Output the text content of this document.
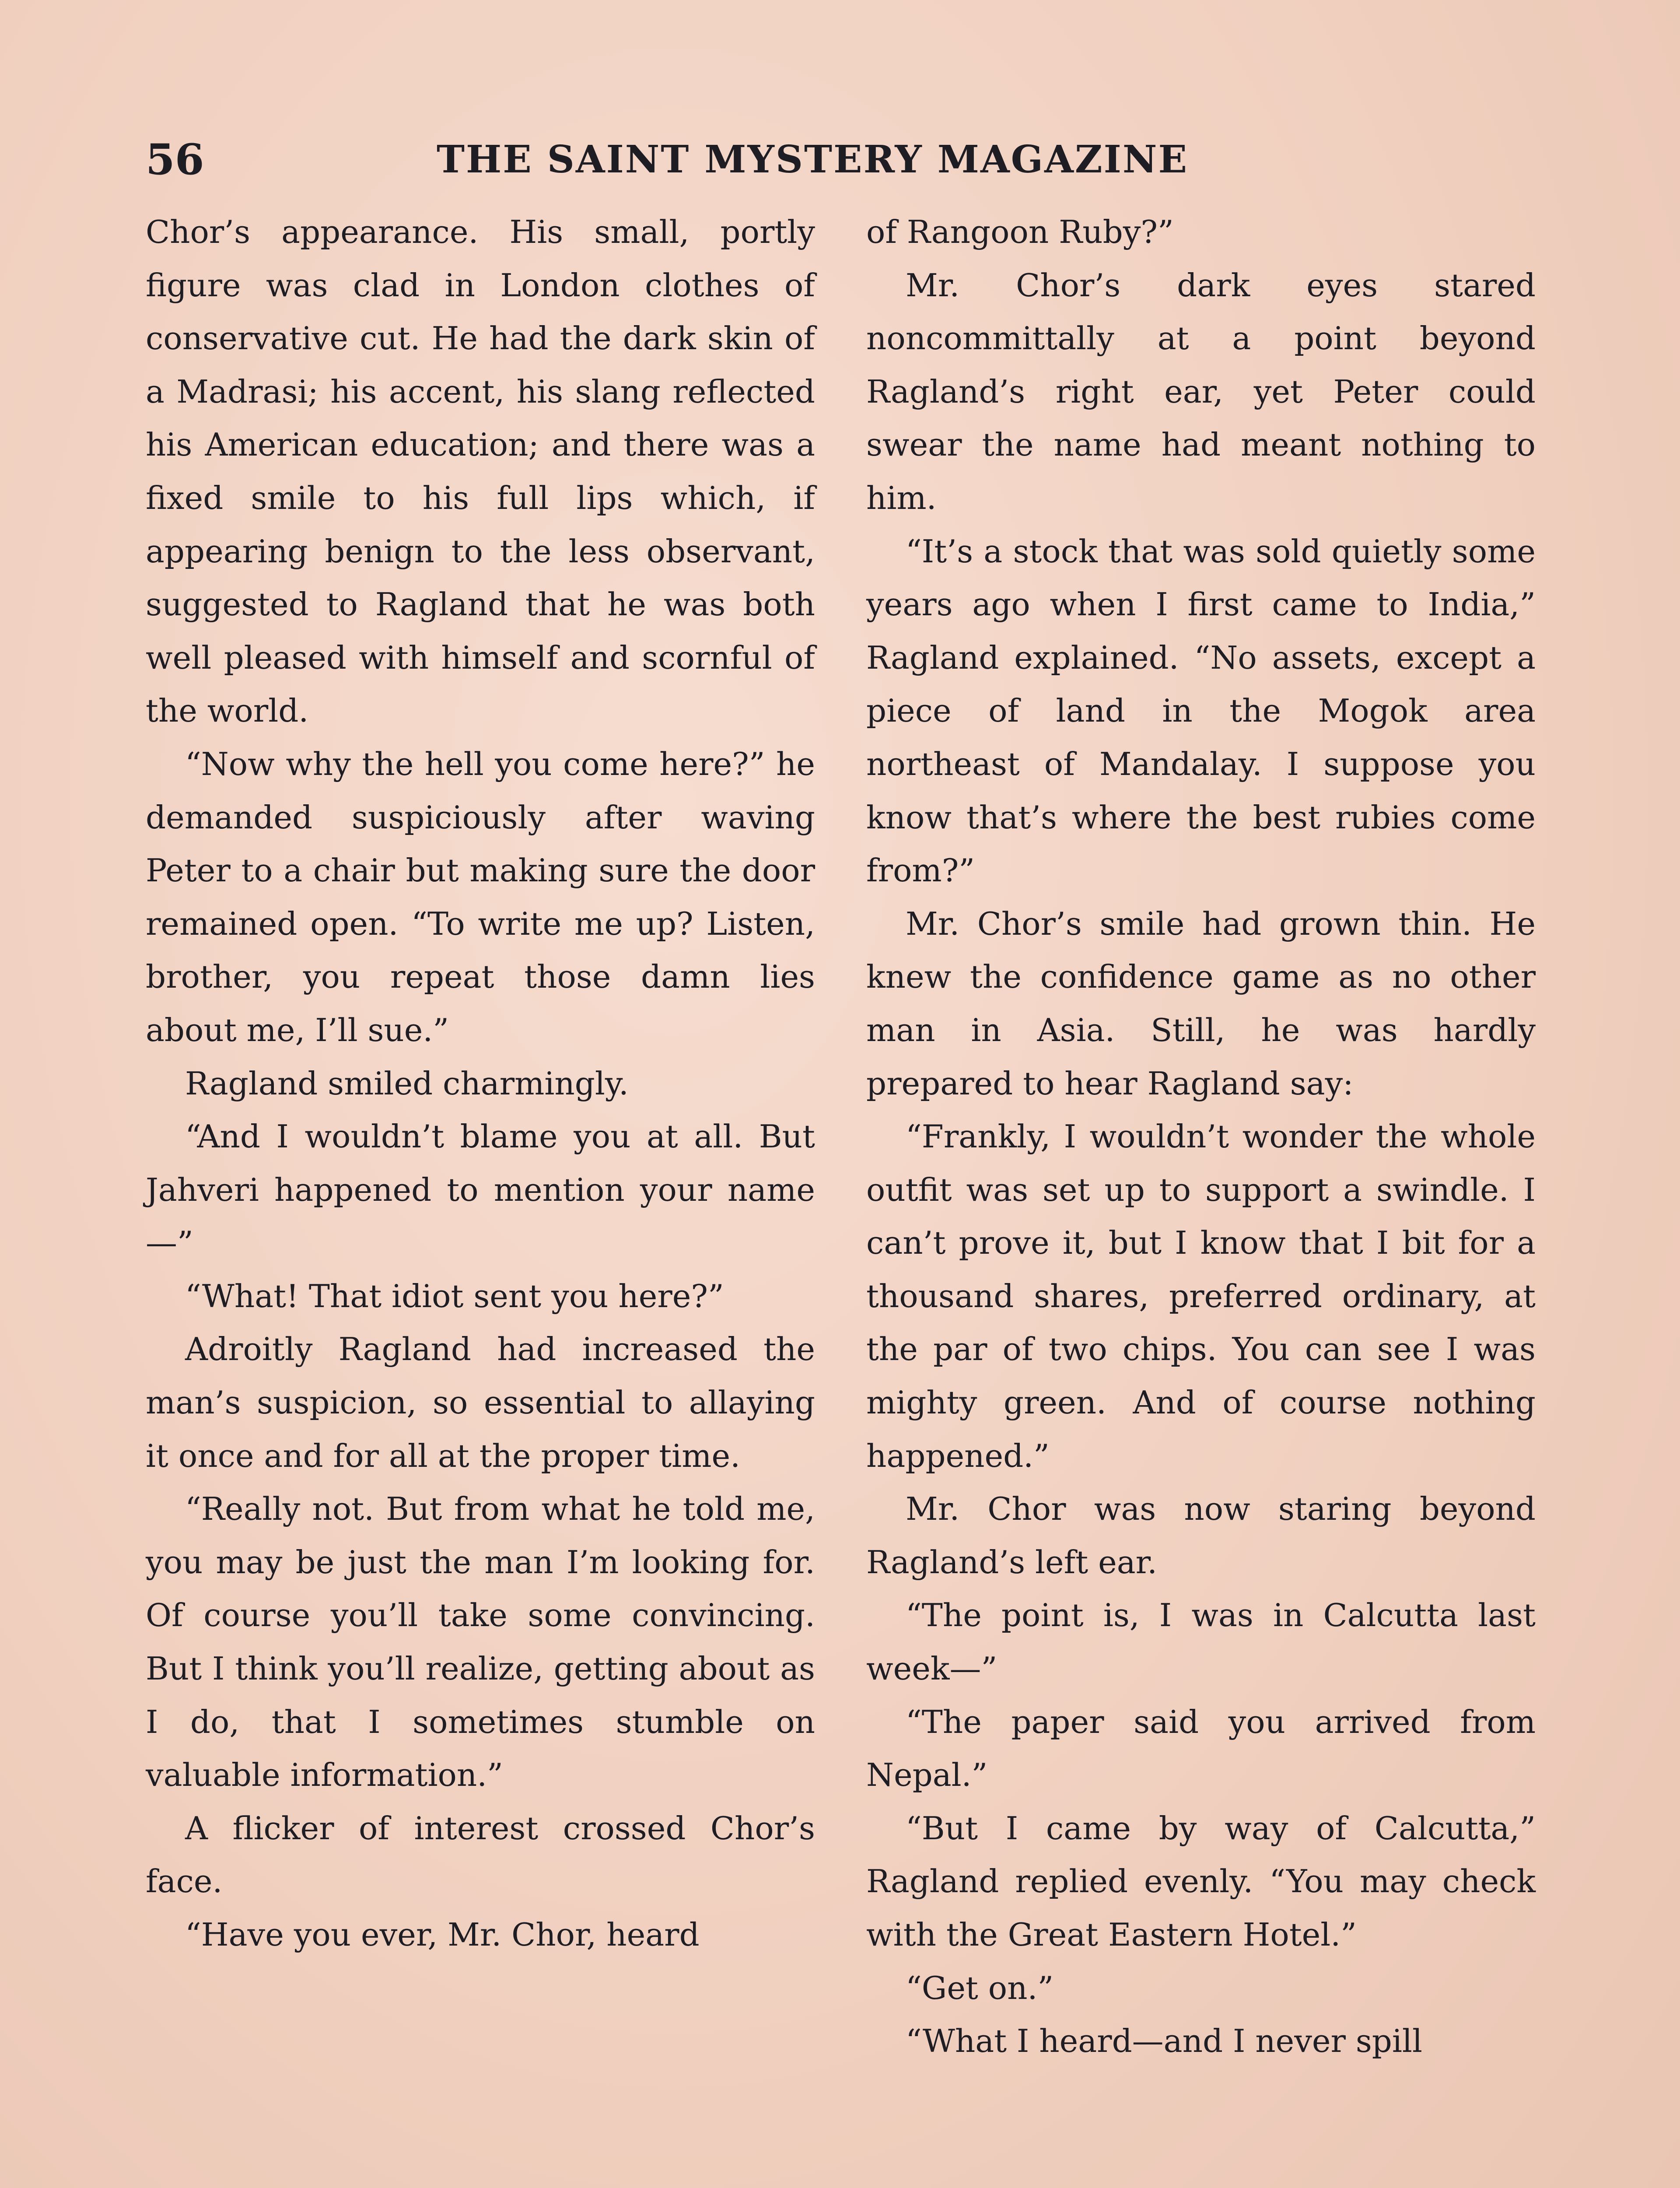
56	THE SAINT MYSTERY MAGAZINE

Chor’s appearance. His small, portly figure was clad in London clothes of conservative cut. He had the dark skin of a Madrasi; his accent, his slang reflected his American education; and there was a fixed smile to his full lips which, if appearing benign to the less observant, suggested to Ragland that he was both well pleased with himself and scornful of the world.

“Now why the hell you come here?” he demanded suspiciously after waving Peter to a chair but making sure the door remained open. “To write me up? Listen, brother, you repeat those damn lies about me, I’ll sue.”

Ragland smiled charmingly.

“And I wouldn’t blame you at all. But Jahveri happened to mention your name—”

“What! That idiot sent you here?”

Adroitly Ragland had increased the man’s suspicion, so essential to allaying it once and for all at the proper time.

“Really not. But from what he told me, you may be just the man I’m looking for. Of course you’ll take some convincing. But I think you’ll realize, getting about as I do, that I sometimes stumble on valuable information.”

A flicker of interest crossed Chor’s face.

“Have you ever, Mr. Chor, heard

of Rangoon Ruby?”

Mr. Chor’s dark eyes stared noncommittally at a point beyond Ragland’s right ear, yet Peter could swear the name had meant nothing to him.

“It’s a stock that was sold quietly some years ago when I first came to India,” Ragland explained. “No assets, except a piece of land in the Mogok area northeast of Mandalay. I suppose you know that’s where the best rubies come from?”

Mr. Chor’s smile had grown thin. He knew the confidence game as no other man in Asia. Still, he was hardly prepared to hear Ragland say:

“Frankly, I wouldn’t wonder the whole outfit was set up to support a swindle. I can’t prove it, but I know that I bit for a thousand shares, preferred ordinary, at the par of two chips. You can see I was mighty green. And of course nothing happened.”

Mr. Chor was now staring beyond Ragland’s left ear.

“The point is, I was in Calcutta last week—”

“The paper said you arrived from Nepal.”

“But I came by way of Calcutta,” Ragland replied evenly. “You may check with the Great Eastern Hotel.”

“Get on.”

“What I heard—and I never spill
